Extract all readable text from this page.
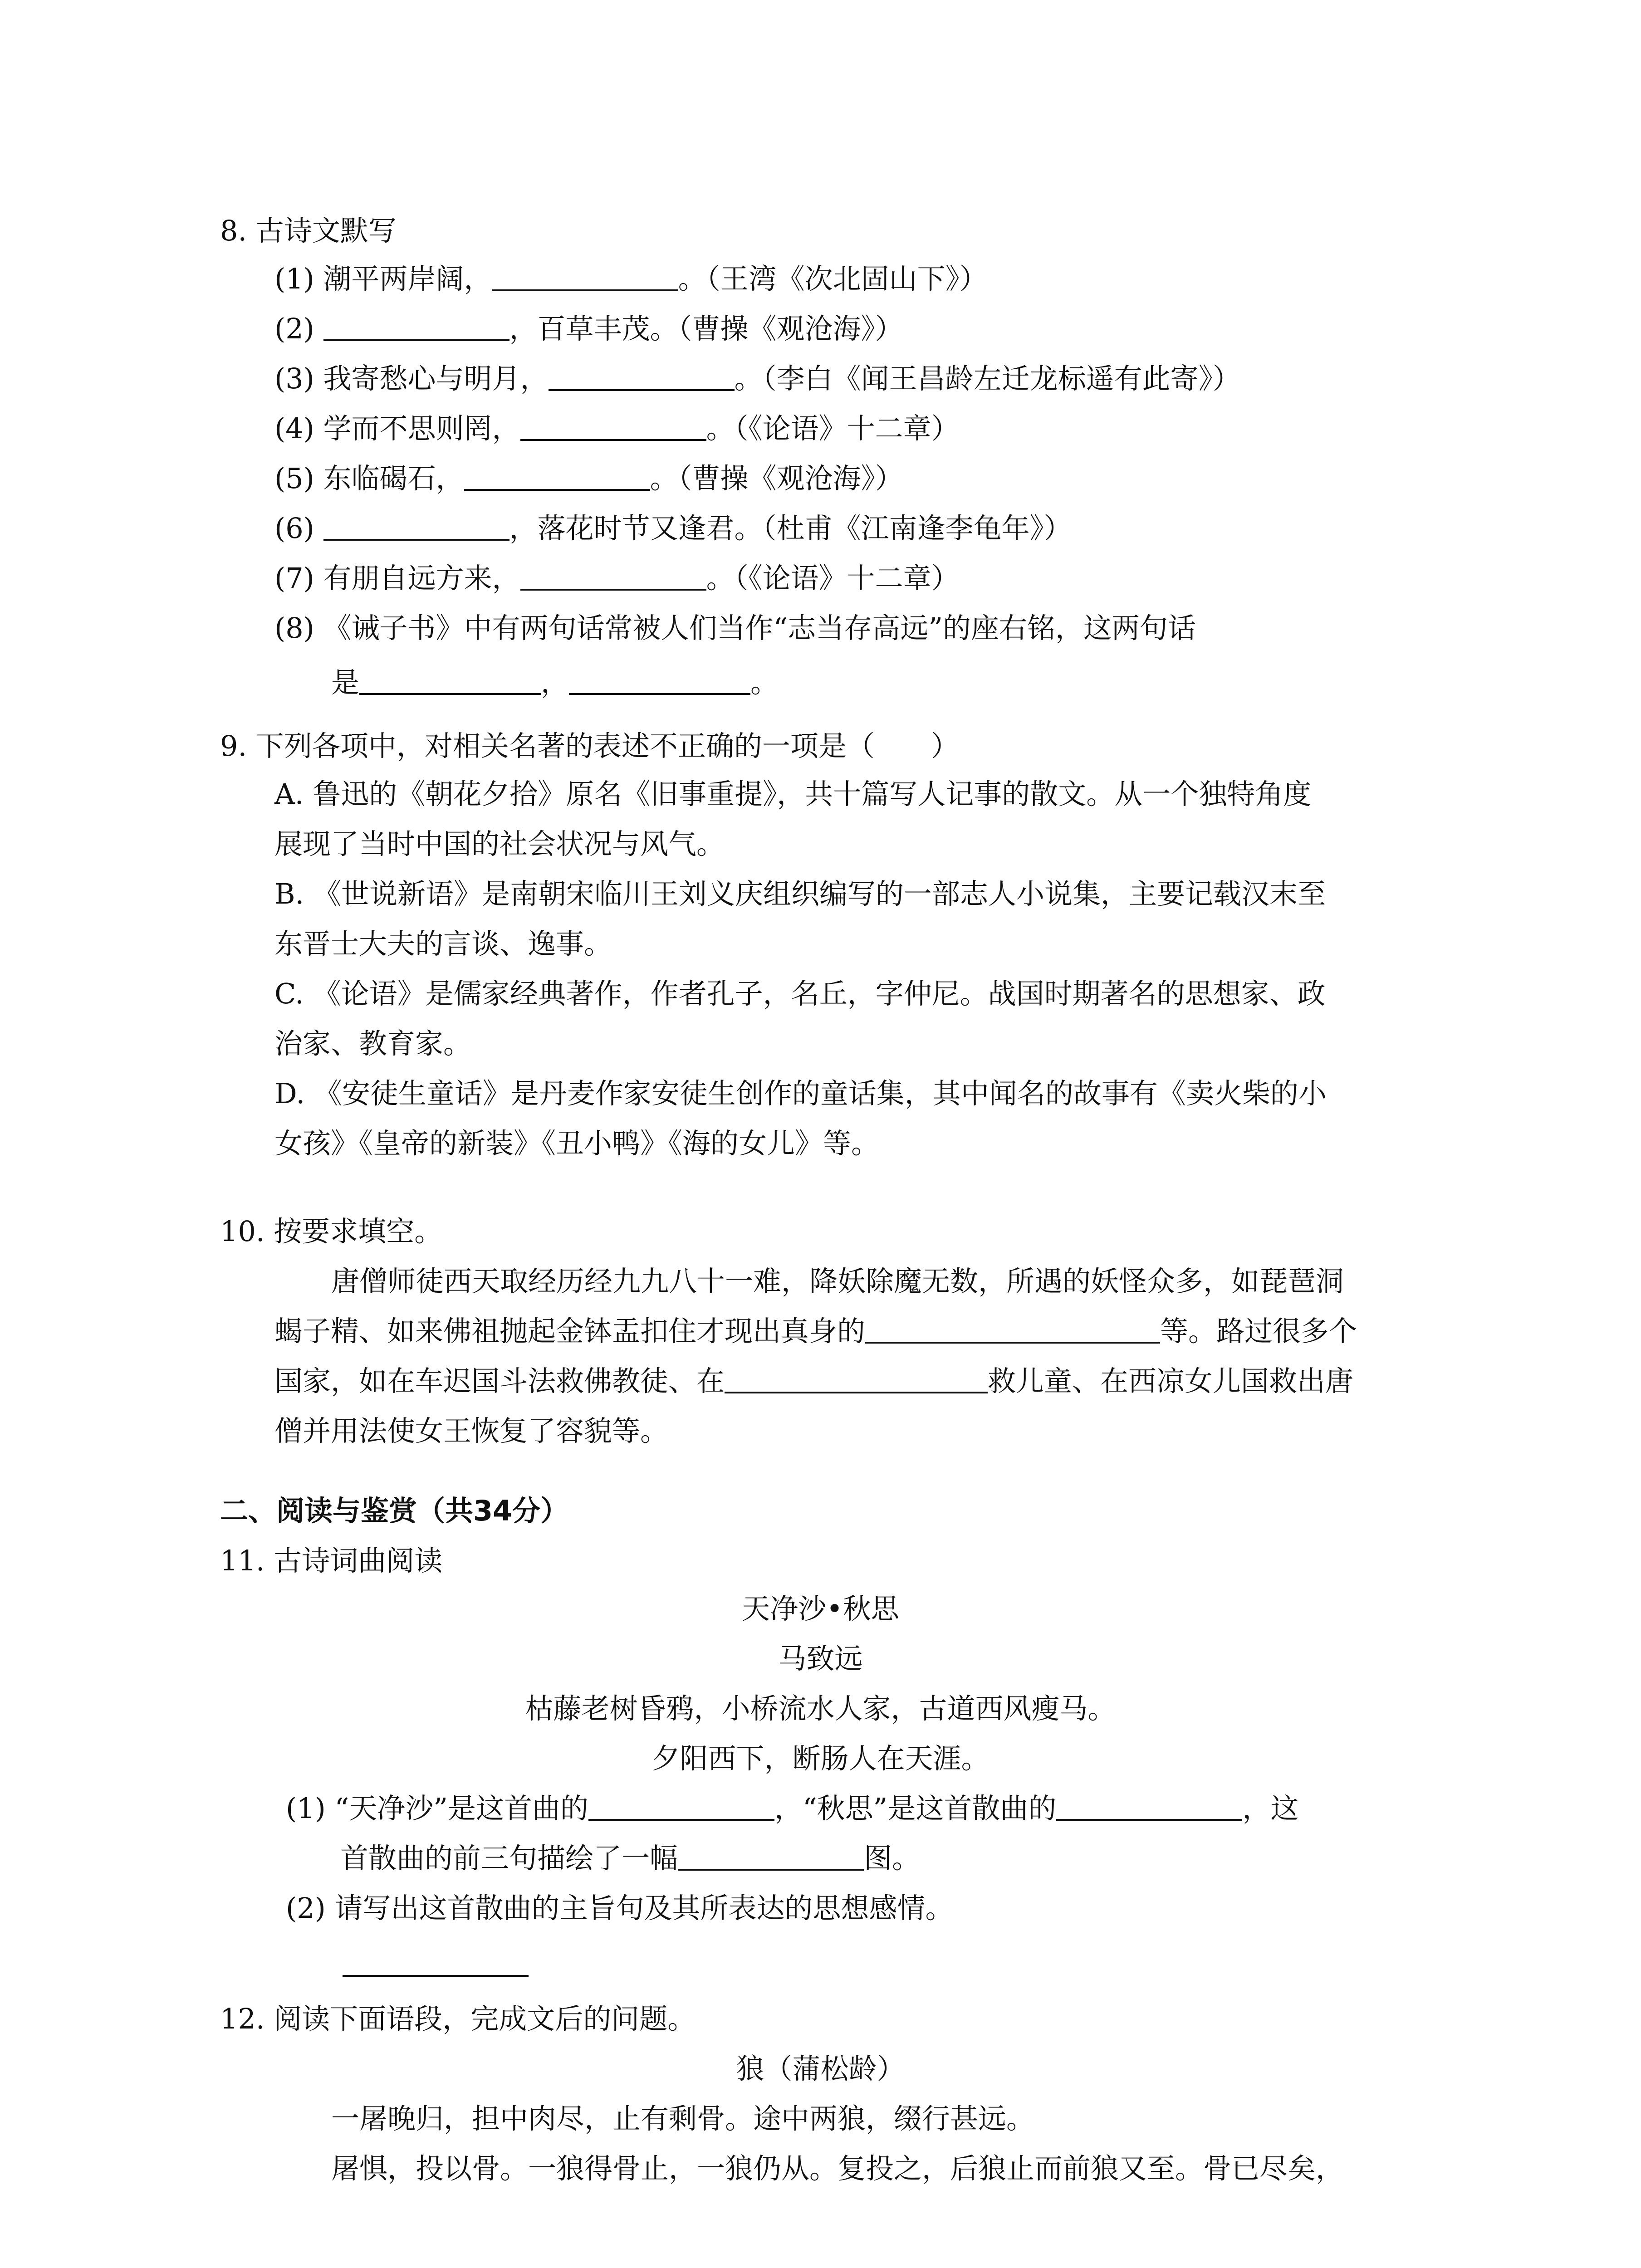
8. 古诗文默写
(1) 潮平两岸阔，	。（王湾《次北固山下》）
(2)	，百草丰茂。（曹操《观沧海》）
(3) 我寄愁心与明月，	。（李白《闻王昌龄左迁龙标遥有此寄》）
(4) 学而不思则罔，	。（《论语》十二章）
(5) 东临碣石，	。（曹操《观沧海》）
(6)	，落花时节又逢君。（杜甫《江南逢李龟年》）
(7) 有朋自远方来，	。（《论语》十二章）
(8) 《诫子书》中有两句话常被人们当作“志当存高远”的座右铭，这两句话
是	，	。
9. 下列各项中，对相关名著的表述不正确的一项是（　　）
A. 鲁迅的《朝花夕拾》原名《旧事重提》，共十篇写人记事的散文。从一个独特角度
展现了当时中国的社会状况与风气。
B. 《世说新语》是南朝宋临川王刘义庆组织编写的一部志人小说集，主要记载汉末至
东晋士大夫的言谈、逸事。
C. 《论语》是儒家经典著作，作者孔子，名丘，字仲尼。战国时期著名的思想家、政
治家、教育家。
D. 《安徒生童话》是丹麦作家安徒生创作的童话集，其中闻名的故事有《卖火柴的小
女孩》《皇帝的新装》《丑小鸭》《海的女儿》等。
10. 按要求填空。
唐僧师徒西天取经历经九九八十一难，降妖除魔无数，所遇的妖怪众多，如琵琶洞
蝎子精、如来佛祖抛起金钵盂扣住才现出真身的	等。路过很多个
国家，如在车迟国斗法救佛教徒、在	救儿童、在西凉女儿国救出唐
僧并用法使女王恢复了容貌等。
二、阅读与鉴赏（共34分）
11. 古诗词曲阅读
天净沙•秋思
马致远
枯藤老树昏鸦，小桥流水人家，古道西风瘦马。
夕阳西下，断肠人在天涯。
(1) “天净沙”是这首曲的	，“秋思”是这首散曲的	，这
首散曲的前三句描绘了一幅	图。
(2) 请写出这首散曲的主旨句及其所表达的思想感情。
12. 阅读下面语段，完成文后的问题。
狼（蒲松龄）
一屠晚归，担中肉尽，止有剩骨。途中两狼，缀行甚远。
屠惧，投以骨。一狼得骨止，一狼仍从。复投之，后狼止而前狼又至。骨已尽矣，
